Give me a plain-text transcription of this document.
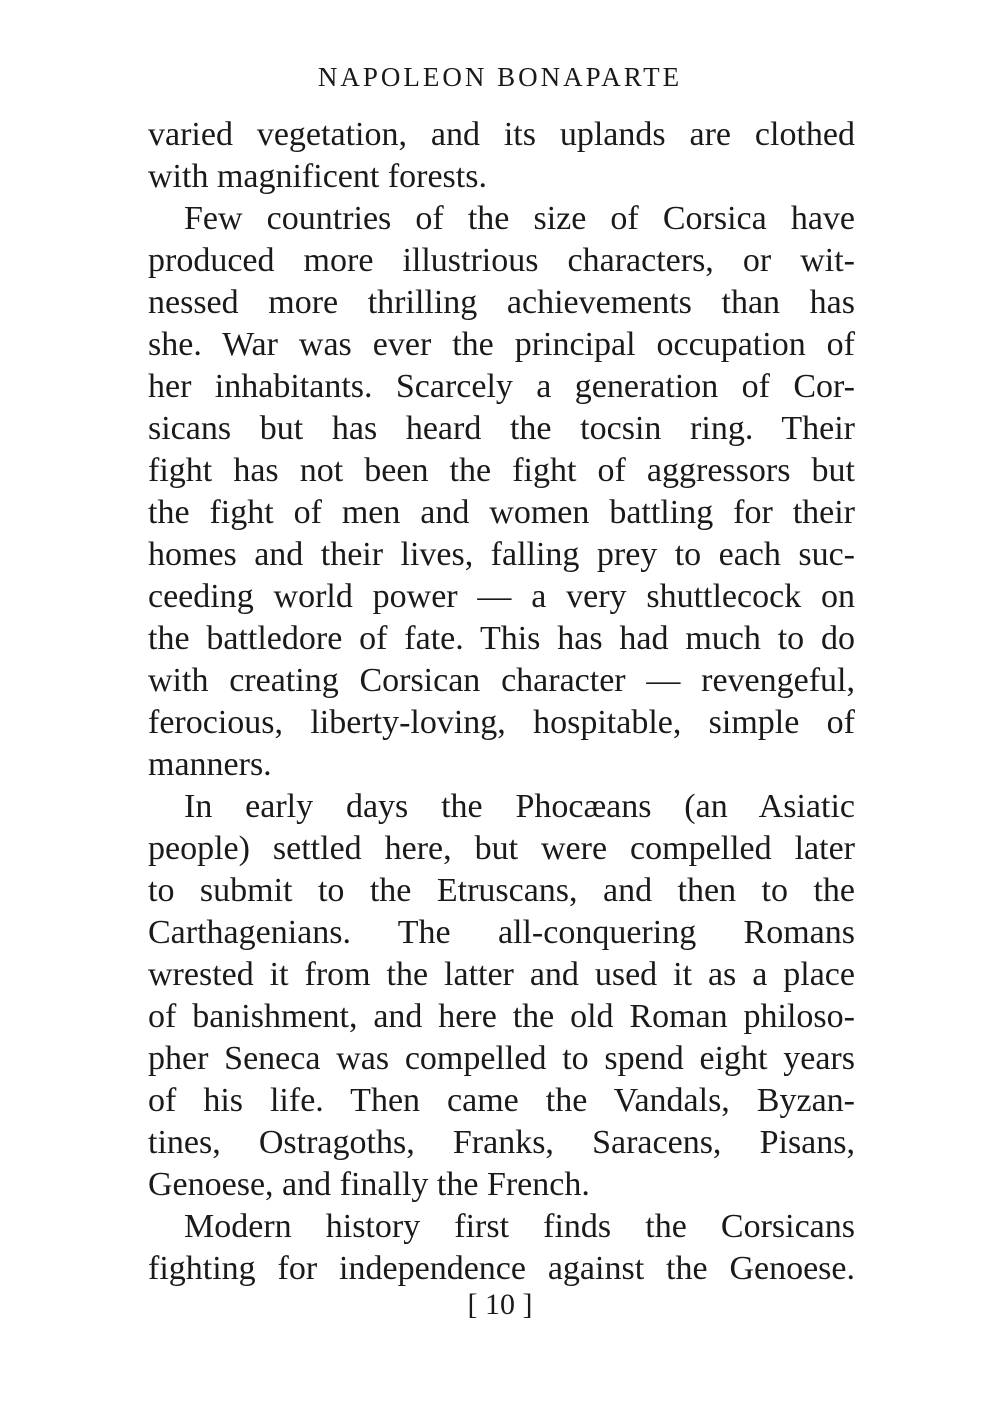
NAPOLEON BONAPARTE
varied vegetation, and its uplands are clothed
with magnificent forests.
Few countries of the size of Corsica have
produced more illustrious characters, or wit-
nessed more thrilling achievements than has
she. War was ever the principal occupation of
her inhabitants. Scarcely a generation of Cor-
sicans but has heard the tocsin ring. Their
fight has not been the fight of aggressors but
the fight of men and women battling for their
homes and their lives, falling prey to each suc-
ceeding world power — a very shuttlecock on
the battledore of fate. This has had much to do
with creating Corsican character — revengeful,
ferocious, liberty-loving, hospitable, simple of
manners.
In early days the Phocæans (an Asiatic
people) settled here, but were compelled later
to submit to the Etruscans, and then to the
Carthagenians. The all-conquering Romans
wrested it from the latter and used it as a place
of banishment, and here the old Roman philoso-
pher Seneca was compelled to spend eight years
of his life. Then came the Vandals, Byzan-
tines, Ostragoths, Franks, Saracens, Pisans,
Genoese, and finally the French.
Modern history first finds the Corsicans
fighting for independence against the Genoese.

[ 10 ]
